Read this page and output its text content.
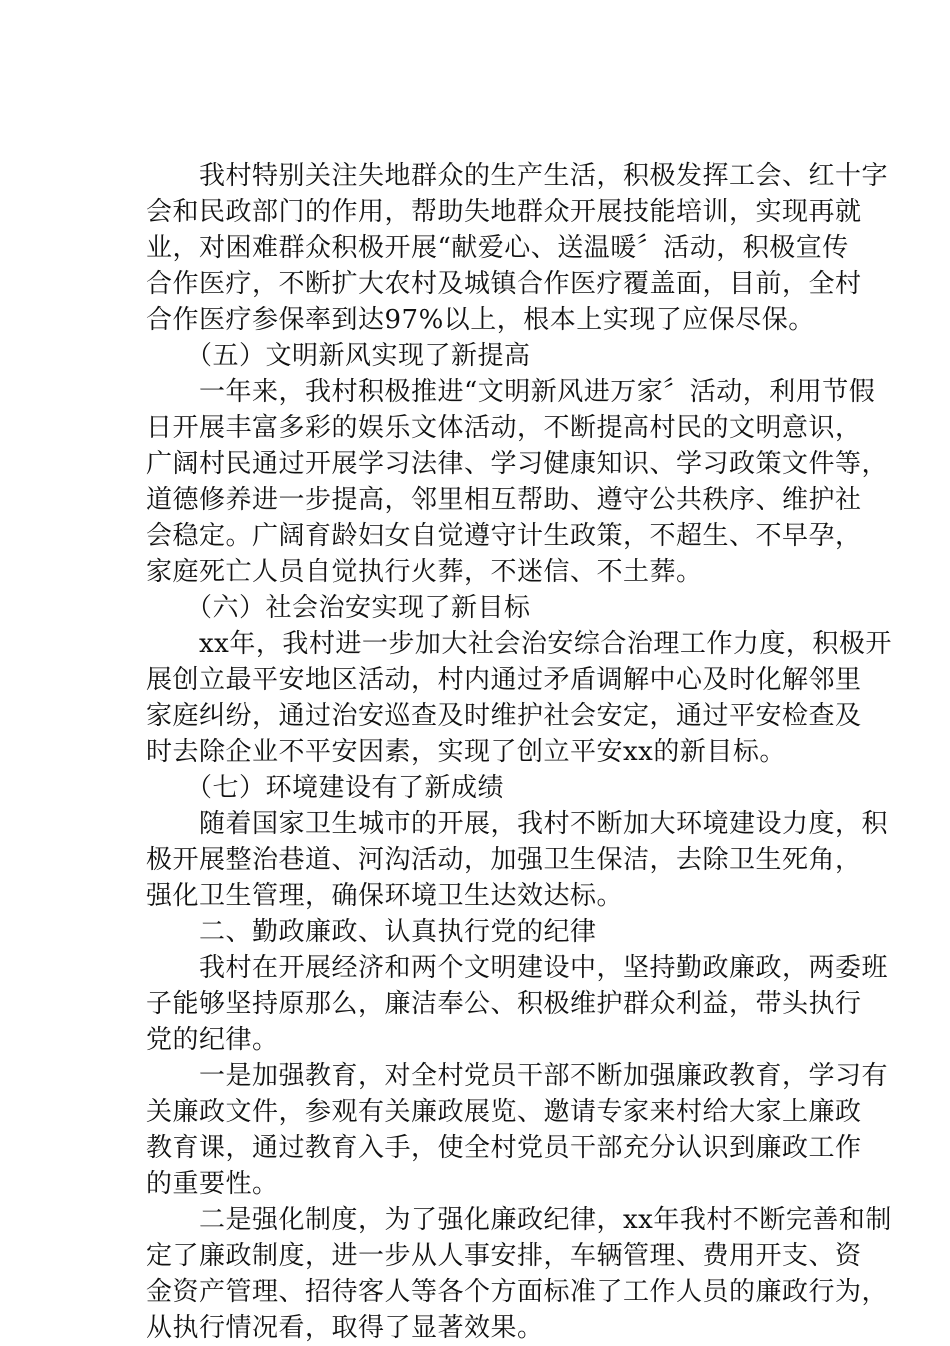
　　我村特别关注失地群众的生产生活，积极发挥工会、红十字
会和民政部门的作用，帮助失地群众开展技能培训，实现再就
业，对困难群众积极开展“献爱心、送温暖〞活动，积极宣传
合作医疗，不断扩大农村及城镇合作医疗覆盖面，目前，全村
合作医疗参保率到达97%以上，根本上实现了应保尽保。
　　（五）文明新风实现了新提高
　　一年来，我村积极推进“文明新风进万家〞活动，利用节假
日开展丰富多彩的娱乐文体活动，不断提高村民的文明意识，
广阔村民通过开展学习法律、学习健康知识、学习政策文件等，
道德修养进一步提高，邻里相互帮助、遵守公共秩序、维护社
会稳定。广阔育龄妇女自觉遵守计生政策，不超生、不早孕，
家庭死亡人员自觉执行火葬，不迷信、不土葬。
　　（六）社会治安实现了新目标
　　xx年，我村进一步加大社会治安综合治理工作力度，积极开
展创立最平安地区活动，村内通过矛盾调解中心及时化解邻里
家庭纠纷，通过治安巡查及时维护社会安定，通过平安检查及
时去除企业不平安因素，实现了创立平安xx的新目标。
　　（七）环境建设有了新成绩
　　随着国家卫生城市的开展，我村不断加大环境建设力度，积
极开展整治巷道、河沟活动，加强卫生保洁，去除卫生死角，
强化卫生管理，确保环境卫生达效达标。
　　二、勤政廉政、认真执行党的纪律
　　我村在开展经济和两个文明建设中，坚持勤政廉政，两委班
子能够坚持原那么，廉洁奉公、积极维护群众利益，带头执行
党的纪律。
　　一是加强教育，对全村党员干部不断加强廉政教育，学习有
关廉政文件，参观有关廉政展览、邀请专家来村给大家上廉政
教育课，通过教育入手，使全村党员干部充分认识到廉政工作
的重要性。
　　二是强化制度，为了强化廉政纪律，xx年我村不断完善和制
定了廉政制度，进一步从人事安排，车辆管理、费用开支、资
金资产管理、招待客人等各个方面标准了工作人员的廉政行为，
从执行情况看，取得了显著效果。
